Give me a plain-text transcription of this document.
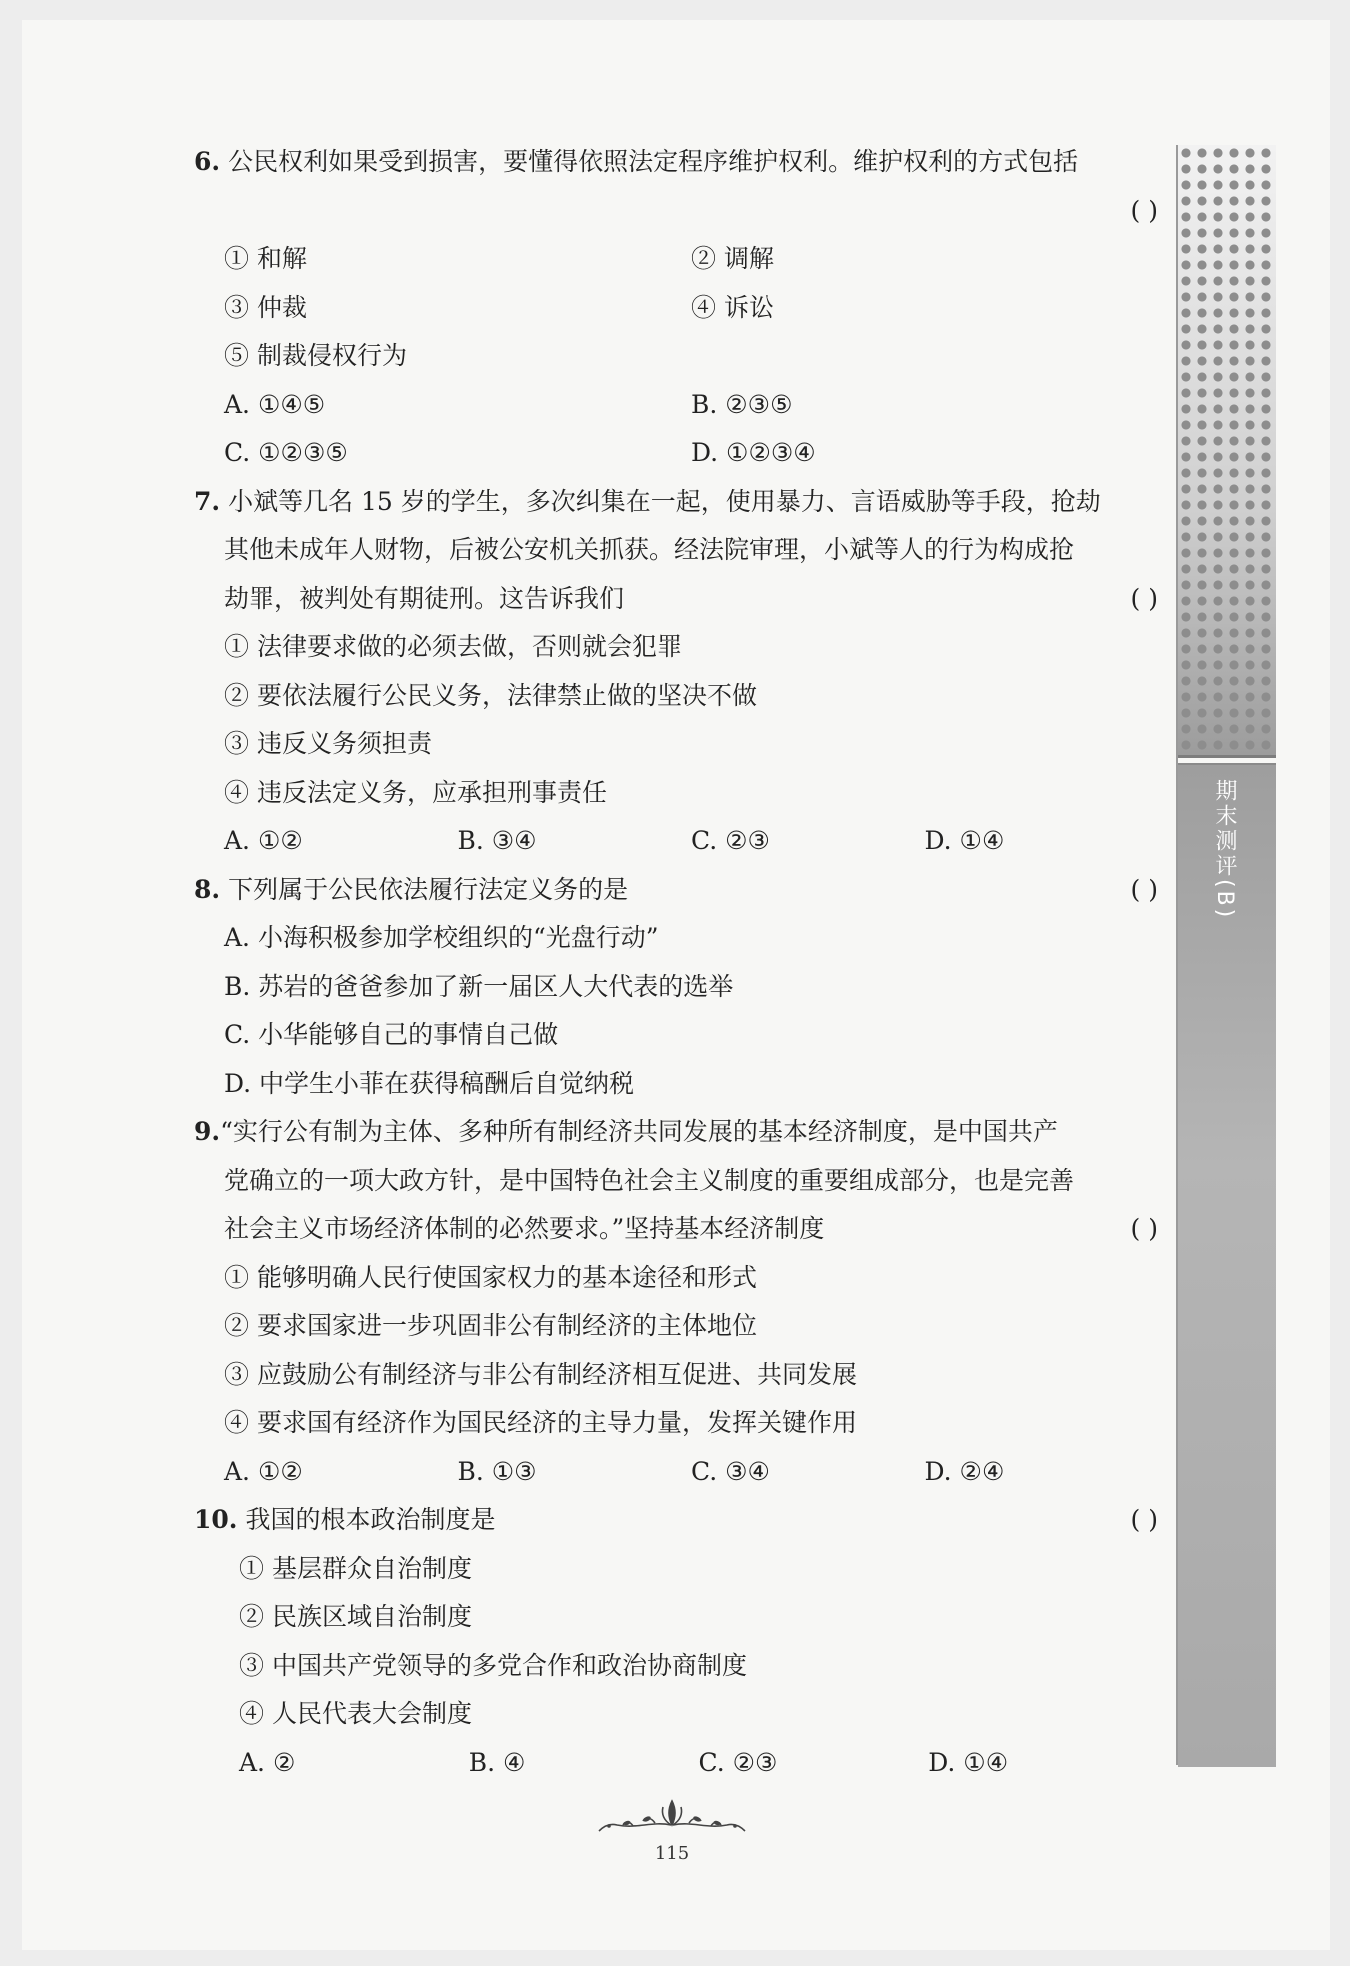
6. 公民权利如果受到损害，要懂得依照法定程序维护权利。维护权利的方式包括
( )
① 和解	② 调解
③ 仲裁	④ 诉讼
⑤ 制裁侵权行为
A. ①④⑤	B. ②③⑤
C. ①②③⑤	D. ①②③④
7. 小斌等几名 15 岁的学生，多次纠集在一起，使用暴力、言语威胁等手段，抢劫
其他未成年人财物，后被公安机关抓获。经法院审理，小斌等人的行为构成抢
劫罪，被判处有期徒刑。这告诉我们	( )
① 法律要求做的必须去做，否则就会犯罪
② 要依法履行公民义务，法律禁止做的坚决不做
③ 违反义务须担责
④ 违反法定义务，应承担刑事责任
A. ①②	B. ③④	C. ②③	D. ①④
8. 下列属于公民依法履行法定义务的是	( )
A. 小海积极参加学校组织的“光盘行动”
B. 苏岩的爸爸参加了新一届区人大代表的选举
C. 小华能够自己的事情自己做
D. 中学生小菲在获得稿酬后自觉纳税
9.“实行公有制为主体、多种所有制经济共同发展的基本经济制度，是中国共产
党确立的一项大政方针，是中国特色社会主义制度的重要组成部分，也是完善
社会主义市场经济体制的必然要求。”坚持基本经济制度	( )
① 能够明确人民行使国家权力的基本途径和形式
② 要求国家进一步巩固非公有制经济的主体地位
③ 应鼓励公有制经济与非公有制经济相互促进、共同发展
④ 要求国有经济作为国民经济的主导力量，发挥关键作用
A. ①②	B. ①③	C. ③④	D. ②④
10. 我国的根本政治制度是	( )
① 基层群众自治制度
② 民族区域自治制度
③ 中国共产党领导的多党合作和政治协商制度
④ 人民代表大会制度
A. ②	B. ④	C. ②③	D. ①④
期末测评(B)
115
